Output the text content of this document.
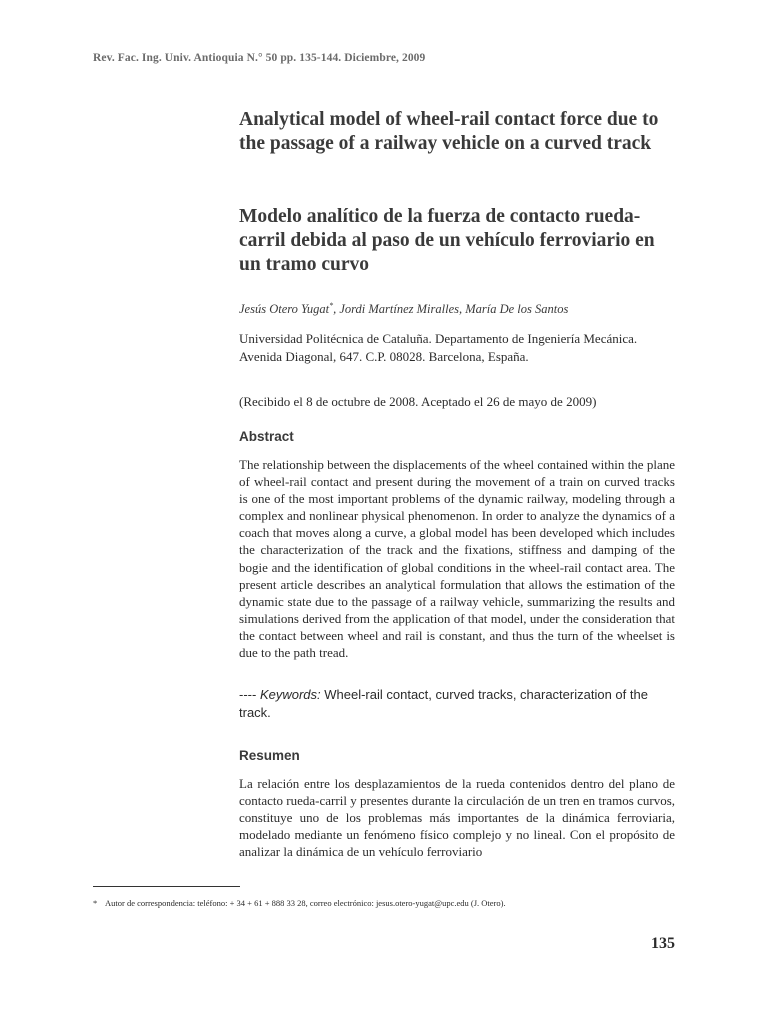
Rev. Fac. Ing. Univ. Antioquia N.° 50 pp. 135-144. Diciembre, 2009
Analytical model of wheel-rail contact force due to the passage of a railway vehicle on a curved track
Modelo analítico de la fuerza de contacto rueda-carril debida al paso de un vehículo ferroviario en un tramo curvo
Jesús Otero Yugat*, Jordi Martínez Miralles, María De los Santos
Universidad Politécnica de Cataluña. Departamento de Ingeniería Mecánica.
Avenida Diagonal, 647. C.P. 08028. Barcelona, España.
(Recibido el 8 de octubre de 2008. Aceptado el 26 de mayo de 2009)
Abstract
The relationship between the displacements of the wheel contained within the plane of wheel-rail contact and present during the movement of a train on curved tracks is one of the most important problems of the dynamic railway, modeling through a complex and nonlinear physical phenomenon. In order to analyze the dynamics of a coach that moves along a curve, a global model has been developed which includes the characterization of the track and the fixations, stiffness and damping of the bogie and the identification of global conditions in the wheel-rail contact area. The present article describes an analytical formulation that allows the estimation of the dynamic state due to the passage of a railway vehicle, summarizing the results and simulations derived from the application of that model, under the consideration that the contact between wheel and rail is constant, and thus the turn of the wheelset is due to the path tread.
---- Keywords: Wheel-rail contact, curved tracks, characterization of the track.
Resumen
La relación entre los desplazamientos de la rueda contenidos dentro del plano de contacto rueda-carril y presentes durante la circulación de un tren en tramos curvos, constituye uno de los problemas más importantes de la dinámica ferroviaria, modelado mediante un fenómeno físico complejo y no lineal. Con el propósito de analizar la dinámica de un vehículo ferroviario
* Autor de correspondencia: teléfono: + 34 + 61 + 888 33 28, correo electrónico: jesus.otero-yugat@upc.edu (J. Otero).
135
